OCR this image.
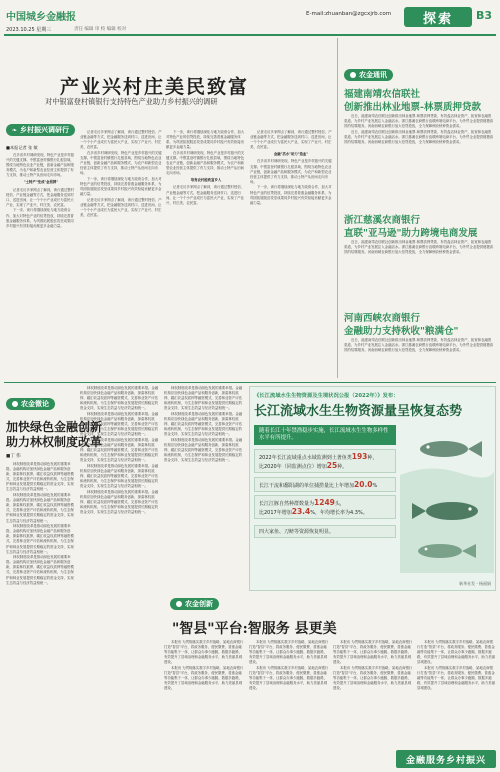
中国城乡金融报	E-mail:zhuanban@zgcxjrb.com 探索 B3
2023.10.25 星期三	责任 编辑 审 校 编辑 校对
产业兴村庄美民致富
对中银富登村镇银行支持特色产业助力乡村振兴的调研
❧ 乡村振兴调研行
■本报记者 张 敏

在多省乡村调研发现，特色产业是乡村振兴的关键支撑。中银富登村镇银行扎根县域，围绕当地特色农业产业链，创新金融产品和服务模式，为农户和新型农业经营主体提供了有力支持，推动土特产从田间走向市场。

"土特产"变成"金招牌"

记者走访多家网点了解到，该行通过整村授信、产业链金融等方式，把金融服务送到村口、送进田间，让一个个小产业成长为富民大产业，实现了产业兴、村庄美、农民富。

下一步，该行将继续深化与地方政府合作，加大对特色产业的信贷投放，持续完善普惠金融服务体系，为巩固拓展脱贫攻坚成果同乡村振兴有效衔接贡献更多金融力量。

记者走访多家网点了解到，该行通过整村授信、产业链金融等方式，把金融服务送到村口、送进田间，让一个个小产业成长为富民大产业，实现了产业兴、村庄美、农民富。

在多省乡村调研发现，特色产业是乡村振兴的关键支撑。中银富登村镇银行扎根县域，围绕当地特色农业产业链，创新金融产品和服务模式，为农户和新型农业经营主体提供了有力支持，推动土特产从田间走向市场。

下一步，该行将继续深化与地方政府合作，加大对特色产业的信贷投放，持续完善普惠金融服务体系，为巩固拓展脱贫攻坚成果同乡村振兴有效衔接贡献更多金融力量。

记者走访多家网点了解到，该行通过整村授信、产业链金融等方式，把金融服务送到村口、送进田间，让一个个小产业成长为富民大产业，实现了产业兴、村庄美、农民富。

下一步，该行将继续深化与地方政府合作，加大对特色产业的信贷投放，持续完善普惠金融服务体系，为巩固拓展脱贫攻坚成果同乡村振兴有效衔接贡献更多金融力量。

在多省乡村调研发现，特色产业是乡村振兴的关键支撑。中银富登村镇银行扎根县域，围绕当地特色农业产业链，创新金融产品和服务模式，为农户和新型农业经营主体提供了有力支持，推动土特产从田间走向市场。

培育农村能致富乡人

记者走访多家网点了解到，该行通过整村授信、产业链金融等方式，把金融服务送到村口、送进田间，让一个个小产业成长为富民大产业，实现了产业兴、村庄美、农民富。

记者走访多家网点了解到，该行通过整村授信、产业链金融等方式，把金融服务送到村口、送进田间，让一个个小产业成长为富民大产业，实现了产业兴、村庄美、农民富。

金融"活水"助力"造血"

在多省乡村调研发现，特色产业是乡村振兴的关键支撑。中银富登村镇银行扎根县域，围绕当地特色农业产业链，创新金融产品和服务模式，为农户和新型农业经营主体提供了有力支持，推动土特产从田间走向市场。

下一步，该行将继续深化与地方政府合作，加大对特色产业的信贷投放，持续完善普惠金融服务体系，为巩固拓展脱贫攻坚成果同乡村振兴有效衔接贡献更多金融力量。

农金通讯
福建南靖农信联社
创新推出林业地票-林票质押贷款

近日，福建南靖农信联社创新推出林业地票-林票质押贷款，有效盘活林业资产，拓宽林农融资渠道，为乡村产业发展注入金融活水。浙江慈溪农商银行直联跨境电商平台，为外贸企业提供便捷高效的结算服务。河南西峡农商银行加大信贷投放，全力保障秋收秋种资金需求。

近日，福建南靖农信联社创新推出林业地票-林票质押贷款，有效盘活林业资产，拓宽林农融资渠道，为乡村产业发展注入金融活水。浙江慈溪农商银行直联跨境电商平台，为外贸企业提供便捷高效的结算服务。河南西峡农商银行加大信贷投放，全力保障秋收秋种资金需求。

浙江慈溪农商银行
直联"亚马逊"助力跨境电商发展

近日，福建南靖农信联社创新推出林业地票-林票质押贷款，有效盘活林业资产，拓宽林农融资渠道，为乡村产业发展注入金融活水。浙江慈溪农商银行直联跨境电商平台，为外贸企业提供便捷高效的结算服务。河南西峡农商银行加大信贷投放，全力保障秋收秋种资金需求。

河南西峡农商银行
金融助力支持秋收"粮满仓"

近日，福建南靖农信联社创新推出林业地票-林票质押贷款，有效盘活林业资产，拓宽林农融资渠道，为乡村产业发展注入金融活水。浙江慈溪农商银行直联跨境电商平台，为外贸企业提供便捷高效的结算服务。河南西峡农商银行加大信贷投放，全力保障秋收秋种资金需求。

农金微论
加快绿色金融创新
助力林权制度改革
■丁 伟

林权制度改革是推动绿色发展的重要举措。金融机构应加快绿色金融产品和服务创新，探索林权抵押、碳汇收益权质押等融资模式，完善林业资产评估和流转机制，为生态保护和林业发展提供长期稳定的资金支持，实现生态效益与经济效益相统一。

林权制度改革是推动绿色发展的重要举措。金融机构应加快绿色金融产品和服务创新，探索林权抵押、碳汇收益权质押等融资模式，完善林业资产评估和流转机制，为生态保护和林业发展提供长期稳定的资金支持，实现生态效益与经济效益相统一。

林权制度改革是推动绿色发展的重要举措。金融机构应加快绿色金融产品和服务创新，探索林权抵押、碳汇收益权质押等融资模式，完善林业资产评估和流转机制，为生态保护和林业发展提供长期稳定的资金支持，实现生态效益与经济效益相统一。

林权制度改革是推动绿色发展的重要举措。金融机构应加快绿色金融产品和服务创新，探索林权抵押、碳汇收益权质押等融资模式，完善林业资产评估和流转机制，为生态保护和林业发展提供长期稳定的资金支持，实现生态效益与经济效益相统一。

林权制度改革是推动绿色发展的重要举措。金融机构应加快绿色金融产品和服务创新，探索林权抵押、碳汇收益权质押等融资模式，完善林业资产评估和流转机制，为生态保护和林业发展提供长期稳定的资金支持，实现生态效益与经济效益相统一。

林权制度改革是推动绿色发展的重要举措。金融机构应加快绿色金融产品和服务创新，探索林权抵押、碳汇收益权质押等融资模式，完善林业资产评估和流转机制，为生态保护和林业发展提供长期稳定的资金支持，实现生态效益与经济效益相统一。

林权制度改革是推动绿色发展的重要举措。金融机构应加快绿色金融产品和服务创新，探索林权抵押、碳汇收益权质押等融资模式，完善林业资产评估和流转机制，为生态保护和林业发展提供长期稳定的资金支持，实现生态效益与经济效益相统一。

林权制度改革是推动绿色发展的重要举措。金融机构应加快绿色金融产品和服务创新，探索林权抵押、碳汇收益权质押等融资模式，完善林业资产评估和流转机制，为生态保护和林业发展提供长期稳定的资金支持，实现生态效益与经济效益相统一。

林权制度改革是推动绿色发展的重要举措。金融机构应加快绿色金融产品和服务创新，探索林权抵押、碳汇收益权质押等融资模式，完善林业资产评估和流转机制，为生态保护和林业发展提供长期稳定的资金支持，实现生态效益与经济效益相统一。

林权制度改革是推动绿色发展的重要举措。金融机构应加快绿色金融产品和服务创新，探索林权抵押、碳汇收益权质押等融资模式，完善林业资产评估和流转机制，为生态保护和林业发展提供长期稳定的资金支持，实现生态效益与经济效益相统一。

林权制度改革是推动绿色发展的重要举措。金融机构应加快绿色金融产品和服务创新，探索林权抵押、碳汇收益权质押等融资模式，完善林业资产评估和流转机制，为生态保护和林业发展提供长期稳定的资金支持，实现生态效益与经济效益相统一。

林权制度改革是推动绿色发展的重要举措。金融机构应加快绿色金融产品和服务创新，探索林权抵押、碳汇收益权质押等融资模式，完善林业资产评估和流转机制，为生态保护和林业发展提供长期稳定的资金支持，实现生态效益与经济效益相统一。

《长江流域水生生物资源及生境状况公报（2022年）》发布：
长江流域水生生物资源量呈恢复态势
随着长江十年禁渔稳步实施，长江流域水生生物多样性水平有所提升。
2022年长江流域重点水域监测到土著鱼类193种，
比2020年（同监测点位）增加25种。
长江干流和鄱阳湖的单位捕捞量比上年增加20.0%
长江江豚自然种群数量为1249头，
比2017年增加23.4%，年均增长率为4.3%。
四大家鱼、刀鲚等资源恢复明显。
新华社发 · 杨丽娟
农金创新
"智县"平台:智服务 县更美

本报讯 为贯彻落实数字乡村战略，某地农商银行打造"智县"平台，将政务服务、便民缴费、普惠金融等功能集于一体，让群众办事少跑腿、数据多跑路，有效提升了县域治理和金融服务水平，助力美丽县城建设。

本报讯 为贯彻落实数字乡村战略，某地农商银行打造"智县"平台，将政务服务、便民缴费、普惠金融等功能集于一体，让群众办事少跑腿、数据多跑路，有效提升了县域治理和金融服务水平，助力美丽县城建设。

本报讯 为贯彻落实数字乡村战略，某地农商银行打造"智县"平台，将政务服务、便民缴费、普惠金融等功能集于一体，让群众办事少跑腿、数据多跑路，有效提升了县域治理和金融服务水平，助力美丽县城建设。

本报讯 为贯彻落实数字乡村战略，某地农商银行打造"智县"平台，将政务服务、便民缴费、普惠金融等功能集于一体，让群众办事少跑腿、数据多跑路，有效提升了县域治理和金融服务水平，助力美丽县城建设。

本报讯 为贯彻落实数字乡村战略，某地农商银行打造"智县"平台，将政务服务、便民缴费、普惠金融等功能集于一体，让群众办事少跑腿、数据多跑路，有效提升了县域治理和金融服务水平，助力美丽县城建设。

本报讯 为贯彻落实数字乡村战略，某地农商银行打造"智县"平台，将政务服务、便民缴费、普惠金融等功能集于一体，让群众办事少跑腿、数据多跑路，有效提升了县域治理和金融服务水平，助力美丽县城建设。

本报讯 为贯彻落实数字乡村战略，某地农商银行打造"智县"平台，将政务服务、便民缴费、普惠金融等功能集于一体，让群众办事少跑腿、数据多跑路，有效提升了县域治理和金融服务水平，助力美丽县城建设。

本报讯 为贯彻落实数字乡村战略，某地农商银行打造"智县"平台，将政务服务、便民缴费、普惠金融等功能集于一体，让群众办事少跑腿、数据多跑路，有效提升了县域治理和金融服务水平，助力美丽县城建设。

金融服务乡村振兴
